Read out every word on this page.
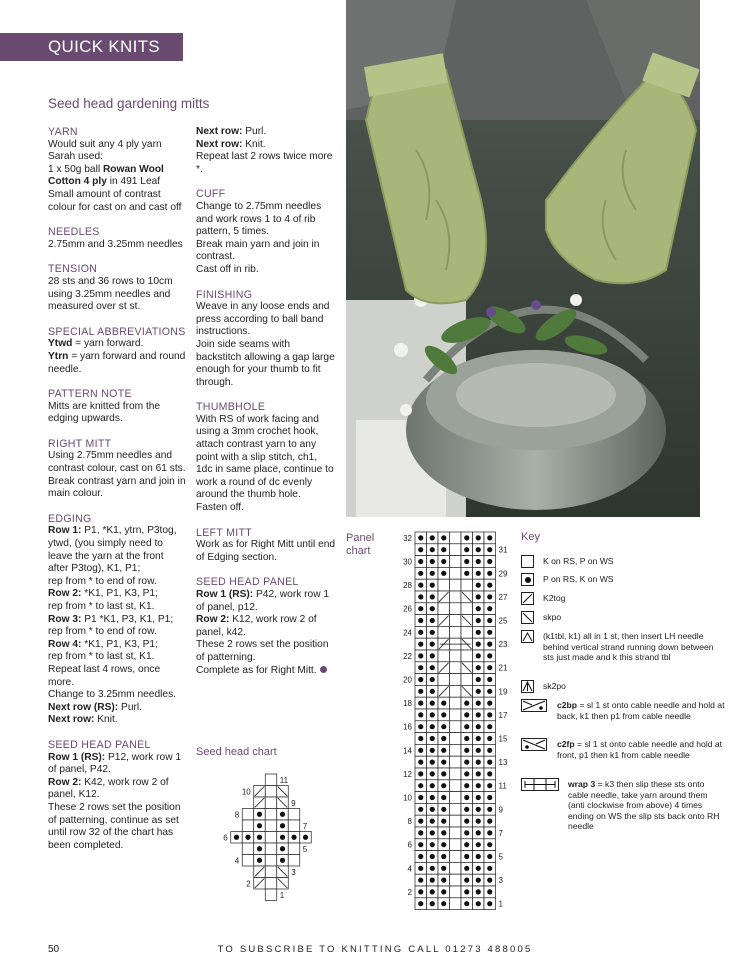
QUICK KNITS
Seed head gardening mitts
YARN

Would suit any 4 ply yarn
Sarah used:
1 x 50g ball Rowan Wool Cotton 4 ply in 491 Leaf
Small amount of contrast colour for cast on and cast off

NEEDLES

2.75mm and 3.25mm needles

TENSION

28 sts and 36 rows to 10cm using 3.25mm needles and measured over st st.

SPECIAL ABBREVIATIONS

Ytwd = yarn forward.
Ytrn = yarn forward and round needle.

PATTERN NOTE

Mitts are knitted from the edging upwards.

RIGHT MITT

Using 2.75mm needles and contrast colour, cast on 61 sts.
Break contrast yarn and join in main colour.

EDGING

Row 1: P1, *K1, ytrn, P3tog, ytwd, (you simply need to leave the yarn at the front after P3tog), K1, P1;
rep from * to end of row.
Row 2: *K1, P1, K3, P1;
rep from * to last st, K1.
Row 3: P1 *K1, P3, K1, P1;
rep from * to end of row.
Row 4: *K1, P1, K3, P1;
rep from * to last st, K1.
Repeat last 4 rows, once more.
Change to 3.25mm needles.
Next row (RS): Purl.
Next row: Knit.

SEED HEAD PANEL

Row 1 (RS): P12, work row 1 of panel, P42.
Row 2: K42, work row 2 of panel, K12.
These 2 rows set the position of patterning, continue as set until row 32 of the chart has been completed.

Next row: Purl.
Next row: Knit.
Repeat last 2 rows twice more *.

CUFF

Change to 2.75mm needles and work rows 1 to 4 of rib pattern, 5 times.
Break main yarn and join in contrast.
Cast off in rib.

FINISHING

Weave in any loose ends and press according to ball band instructions.
Join side seams with backstitch allowing a gap large enough for your thumb to fit through.

THUMBHOLE

With RS of work facing and using a 3mm crochet hook, attach contrast yarn to any point with a slip stitch, ch1, 1dc in same place, continue to work a round of dc evenly around the thumb hole.
Fasten off.

LEFT MITT

Work as for Right Mitt until end of Edging section.

SEED HEAD PANEL

Row 1 (RS): P42, work row 1 of panel, p12.
Row 2: K12, work row 2 of panel, k42.
These 2 rows set the position of patterning.
Complete as for Right Mitt.

Panel
chart
32
30
28
26
24
22
20
18
16
14
12
10
8
6
4
2
31
29
27
25
23
21
19
17
15
13
11
9
7
5
3
1
Seed head chart
11
10
9
8
7
6
5
4
3
2
1
Key
K on RS, P on WS
P on RS, K on WS
K2tog
skpo
(k1tbl, k1) all in 1 st, then insert LH needle behind vertical strand running down between sts just made and k this strand tbl
sk2po
c2bp = sl 1 st onto cable needle and hold at back, k1 then p1 from cable needle
c2fp = sl 1 st onto cable needle and hold at front, p1 then k1 from cable needle
wrap 3 = k3 then slip these sts onto cable needle, take yarn around them (anti clockwise from above) 4 times ending on WS the slip sts back onto RH needle
50	TO SUBSCRIBE TO KNITTING CALL 01273 488005
